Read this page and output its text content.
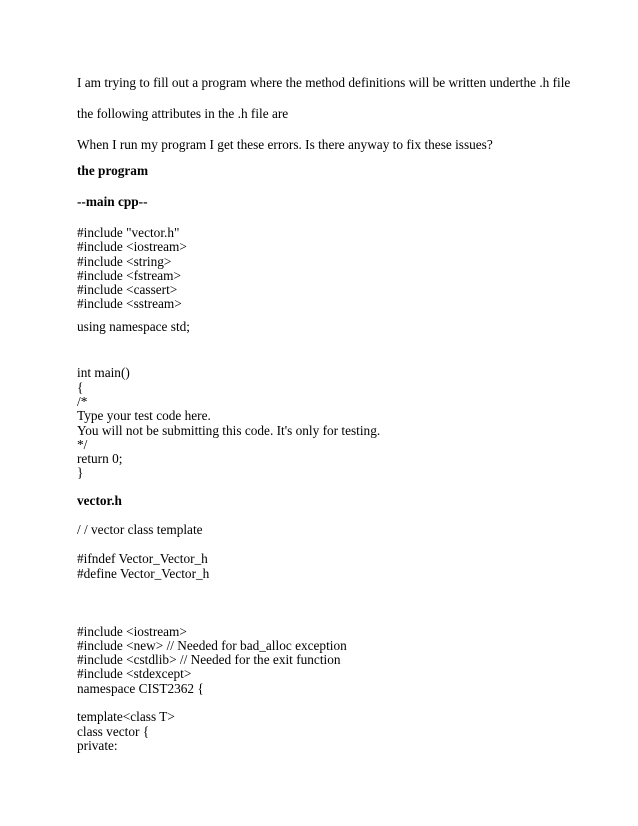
I am trying to fill out a program where the method definitions will be written underthe .h file
the following attributes in the .h file are
When I run my program I get these errors. Is there anyway to fix these issues?
the program
--main cpp--
#include "vector.h"
#include <iostream>
#include <string>
#include <fstream>
#include <cassert>
#include <sstream>
using namespace std;
int main()
{
/*
Type your test code here.
You will not be submitting this code. It's only for testing.
*/
return 0;
}
vector.h
/ / vector class template
#ifndef Vector_Vector_h
#define Vector_Vector_h
#include <iostream>
#include <new> // Needed for bad_alloc exception
#include <cstdlib> // Needed for the exit function
#include <stdexcept>
namespace CIST2362 {
template<class T>
class vector {
private:
